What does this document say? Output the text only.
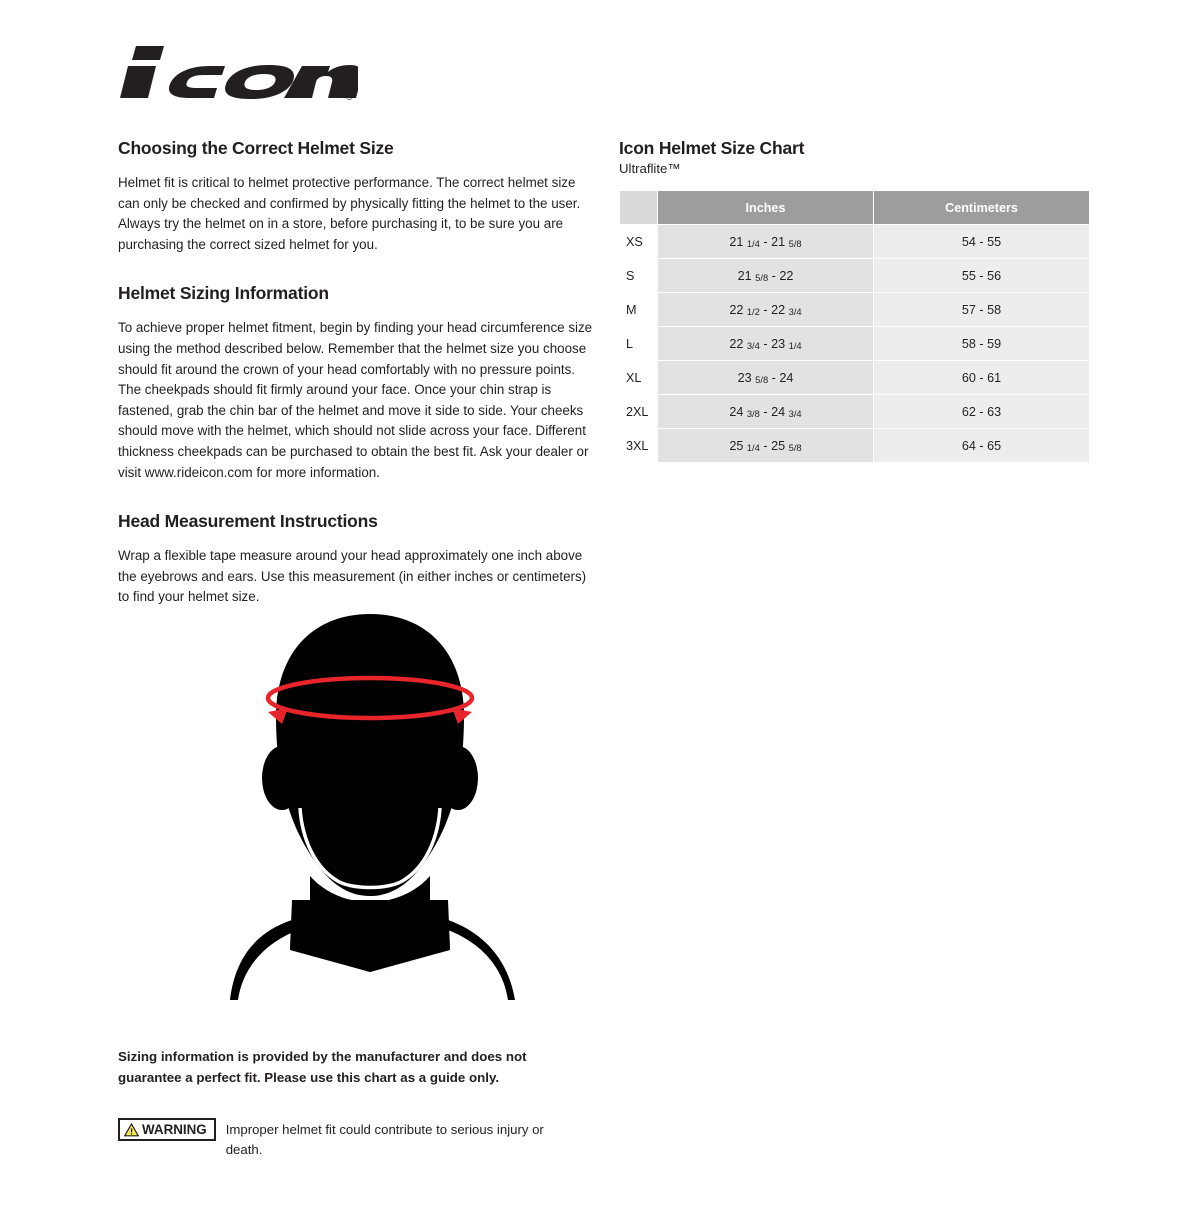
®
Choosing the Correct Helmet Size

Helmet fit is critical to helmet protective performance. The correct helmet size can only be checked and confirmed by physically fitting the helmet to the user. Always try the helmet on in a store, before purchasing it, to be sure you are purchasing the correct sized helmet for you.

Helmet Sizing Information

To achieve proper helmet fitment, begin by finding your head circumference size using the method described below. Remember that the helmet size you choose should fit around the crown of your head comfortably with no pressure points. The cheekpads should fit firmly around your face. Once your chin strap is fastened, grab the chin bar of the helmet and move it side to side. Your cheeks should move with the helmet, which should not slide across your face. Different thickness cheekpads can be purchased to obtain the best fit. Ask your dealer or visit www.rideicon.com for more information.

Head Measurement Instructions

Wrap a flexible tape measure around your head approximately one inch above the eyebrows and ears. Use this measurement (in either inches or centimeters) to find your helmet size.

Icon Helmet Size Chart
Ultraflite™
	Inches	Centimeters
XS	21 1/4 - 21 5/8	54 - 55
S	21 5/8 - 22	55 - 56
M	22 1/2 - 22 3/4	57 - 58
L	22 3/4 - 23 1/4	58 - 59
XL	23 5/8 - 24	60 - 61
2XL	24 3/8 - 24 3/4	62 - 63
3XL	25 1/4 - 25 5/8	64 - 65
Sizing information is provided by the manufacturer and does not guarantee a perfect fit. Please use this chart as a guide only.
WARNING Improper helmet fit could contribute to serious injury or death.
